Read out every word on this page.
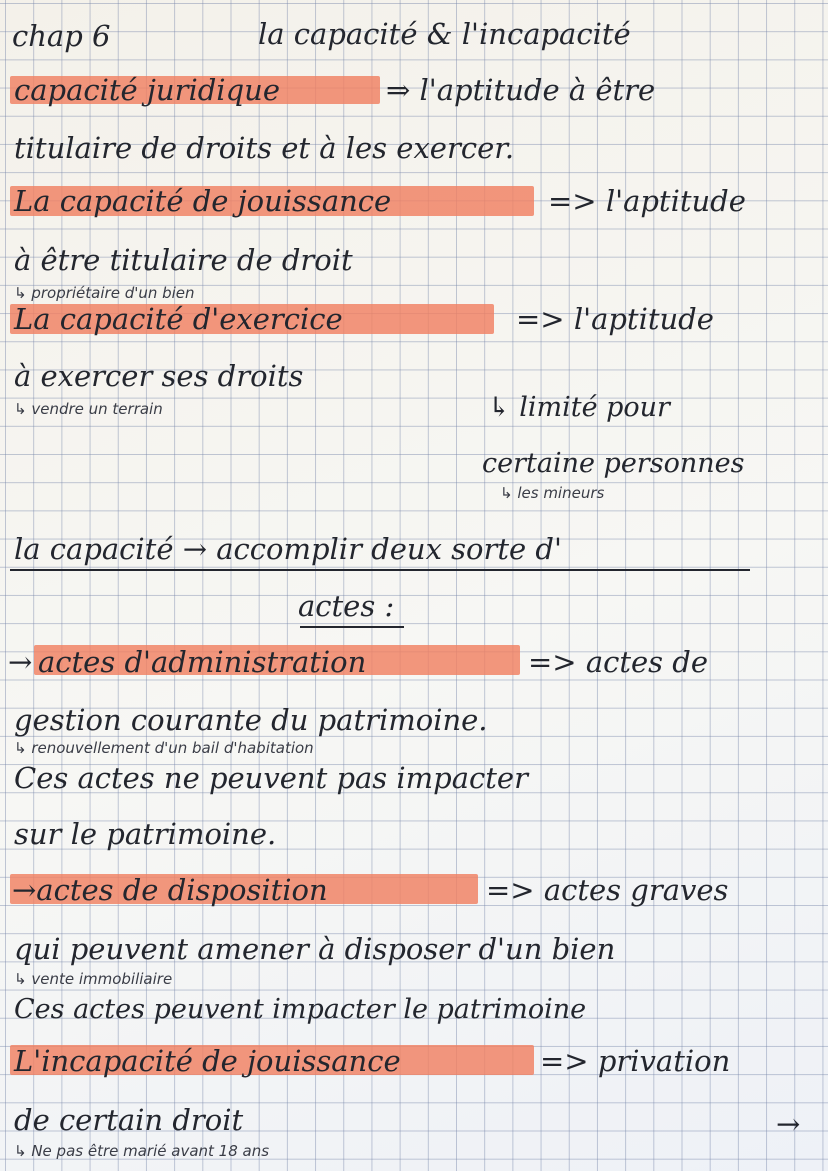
chap 6	la capacité & l'incapacité
capacité juridique	⇒ l'aptitude à être
titulaire de droits et à les exercer.
La capacité de jouissance	=> l'aptitude
à être titulaire de droit
↳ propriétaire d'un bien
La capacité d'exercice	=> l'aptitude
à exercer ses droits
↳ vendre un terrain	↳ limité pour
certaine personnes
↳ les mineurs
la capacité → accomplir deux sorte d'
actes :
→ actes d'administration	=> actes de
gestion courante du patrimoine.
↳ renouvellement d'un bail d'habitation
Ces actes ne peuvent pas impacter
sur le patrimoine.
→actes de disposition	=> actes graves
qui peuvent amener à disposer d'un bien
↳ vente immobiliaire
Ces actes peuvent impacter le patrimoine
L'incapacité de jouissance	=> privation
de certain droit	→
↳ Ne pas être marié avant 18 ans
